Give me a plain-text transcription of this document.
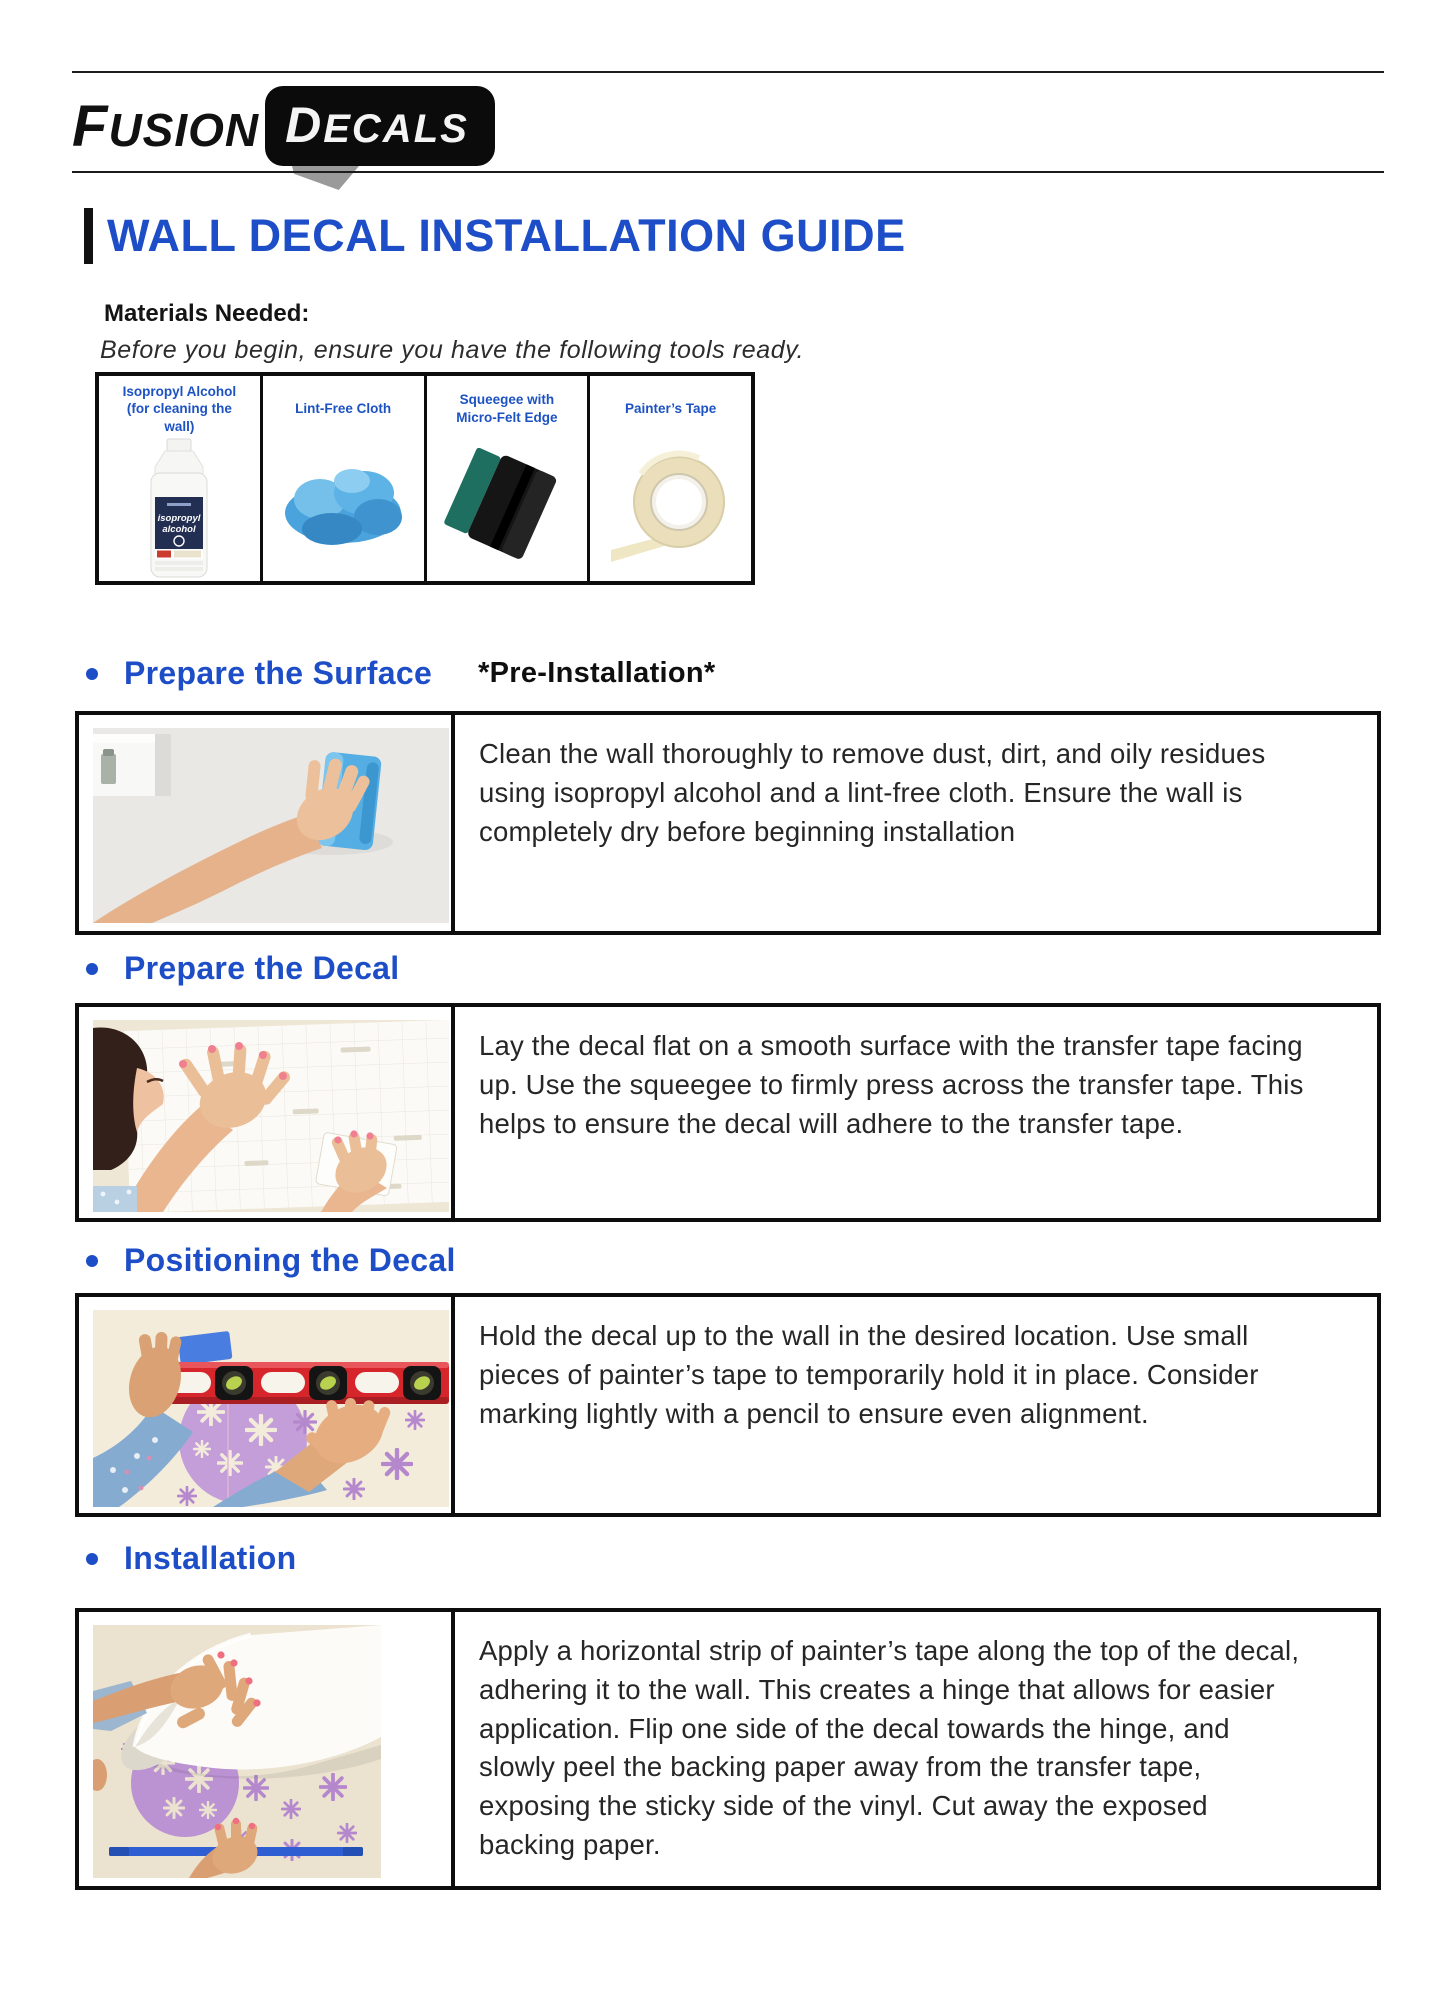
FUSION DECALS
WALL DECAL INSTALLATION GUIDE
Materials Needed:
Before you begin, ensure you have the following tools ready.
Isopropyl Alcohol (for cleaning the wall)
isopropyl
alcohol
Lint-Free Cloth
Squeegee with Micro-Felt Edge
Painter’s Tape
Prepare the Surface *Pre-Installation*
Clean the wall thoroughly to remove dust, dirt, and oily residues using isopropyl alcohol and a lint-free cloth. Ensure the wall is completely dry before beginning installation
Prepare the Decal
Lay the decal flat on a smooth surface with the transfer tape facing up. Use the squeegee to firmly press across the transfer tape. This helps to ensure the decal will adhere to the transfer tape.
Positioning the Decal
Hold the decal up to the wall in the desired location. Use small pieces of painter’s tape to temporarily hold it in place. Consider marking lightly with a pencil to ensure even alignment.
Installation
Apply a horizontal strip of painter’s tape along the top of the decal, adhering it to the wall. This creates a hinge that allows for easier application. Flip one side of the decal towards the hinge, and slowly peel the backing paper away from the transfer tape, exposing the sticky side of the vinyl. Cut away the exposed backing paper.
